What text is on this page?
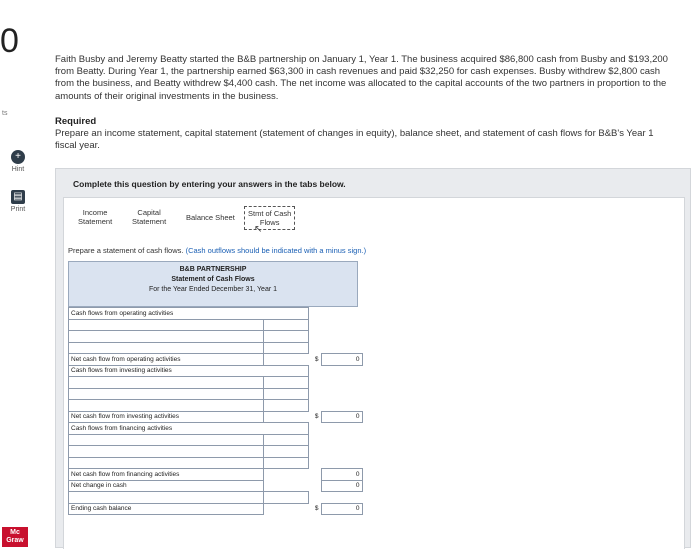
0
ts
+
Hint
▤
Print
Mc
Graw
Faith Busby and Jeremy Beatty started the B&B partnership on January 1, Year 1. The business acquired $86,800 cash from Busby and $193,200 from Beatty. During Year 1, the partnership earned $63,300 in cash revenues and paid $32,250 for cash expenses. Busby withdrew $2,800 cash from the business, and Beatty withdrew $4,400 cash. The net income was allocated to the capital accounts of the two partners in proportion to the amounts of their original investments in the business.
Required
Prepare an income statement, capital statement (statement of changes in equity), balance sheet, and statement of cash flows for B&B's Year 1 fiscal year.
Complete this question by entering your answers in the tabs below.
Income
Statement
Capital
Statement	Balance Sheet	Stmt of Cash
Flows
↖
Prepare a statement of cash flows. (Cash outflows should be indicated with a minus sign.)
B&B PARTNERSHIP
Statement of Cash Flows
For the Year Ended December 31, Year 1
Cash flows from operating activities			

Net cash flow from operating activities		$	0
Cash flows from investing activities			

Net cash flow from investing activities		$	0
Cash flows from financing activities			

Net cash flow from financing activities			0
Net change in cash			0

Ending cash balance		$	0
